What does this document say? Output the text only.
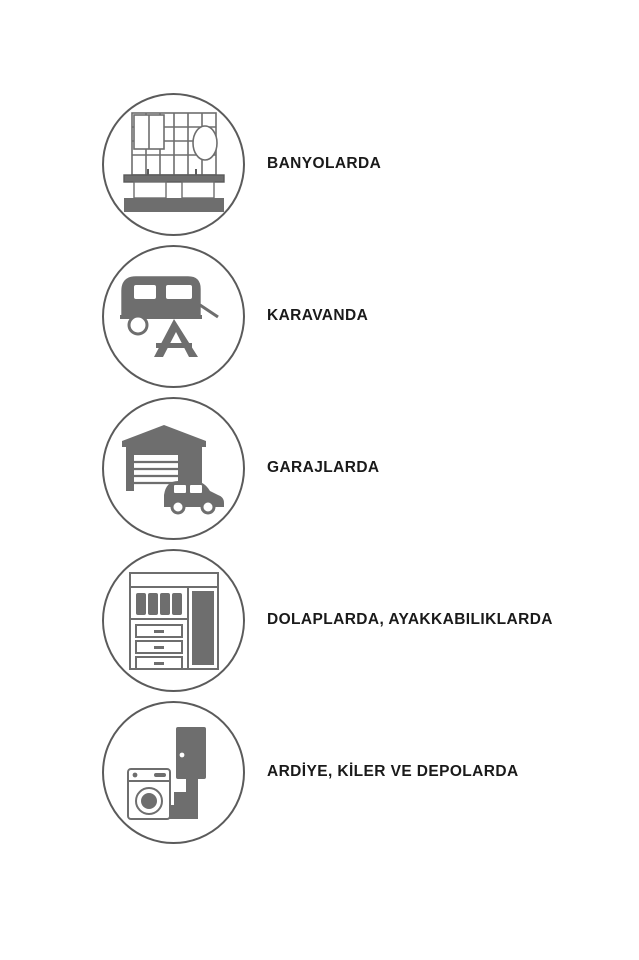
BANYOLARDA
KARAVANDA
GARAJLARDA
DOLAPLARDA, AYAKKABILIKLARDA
ARDİYE, KİLER VE DEPOLARDA
